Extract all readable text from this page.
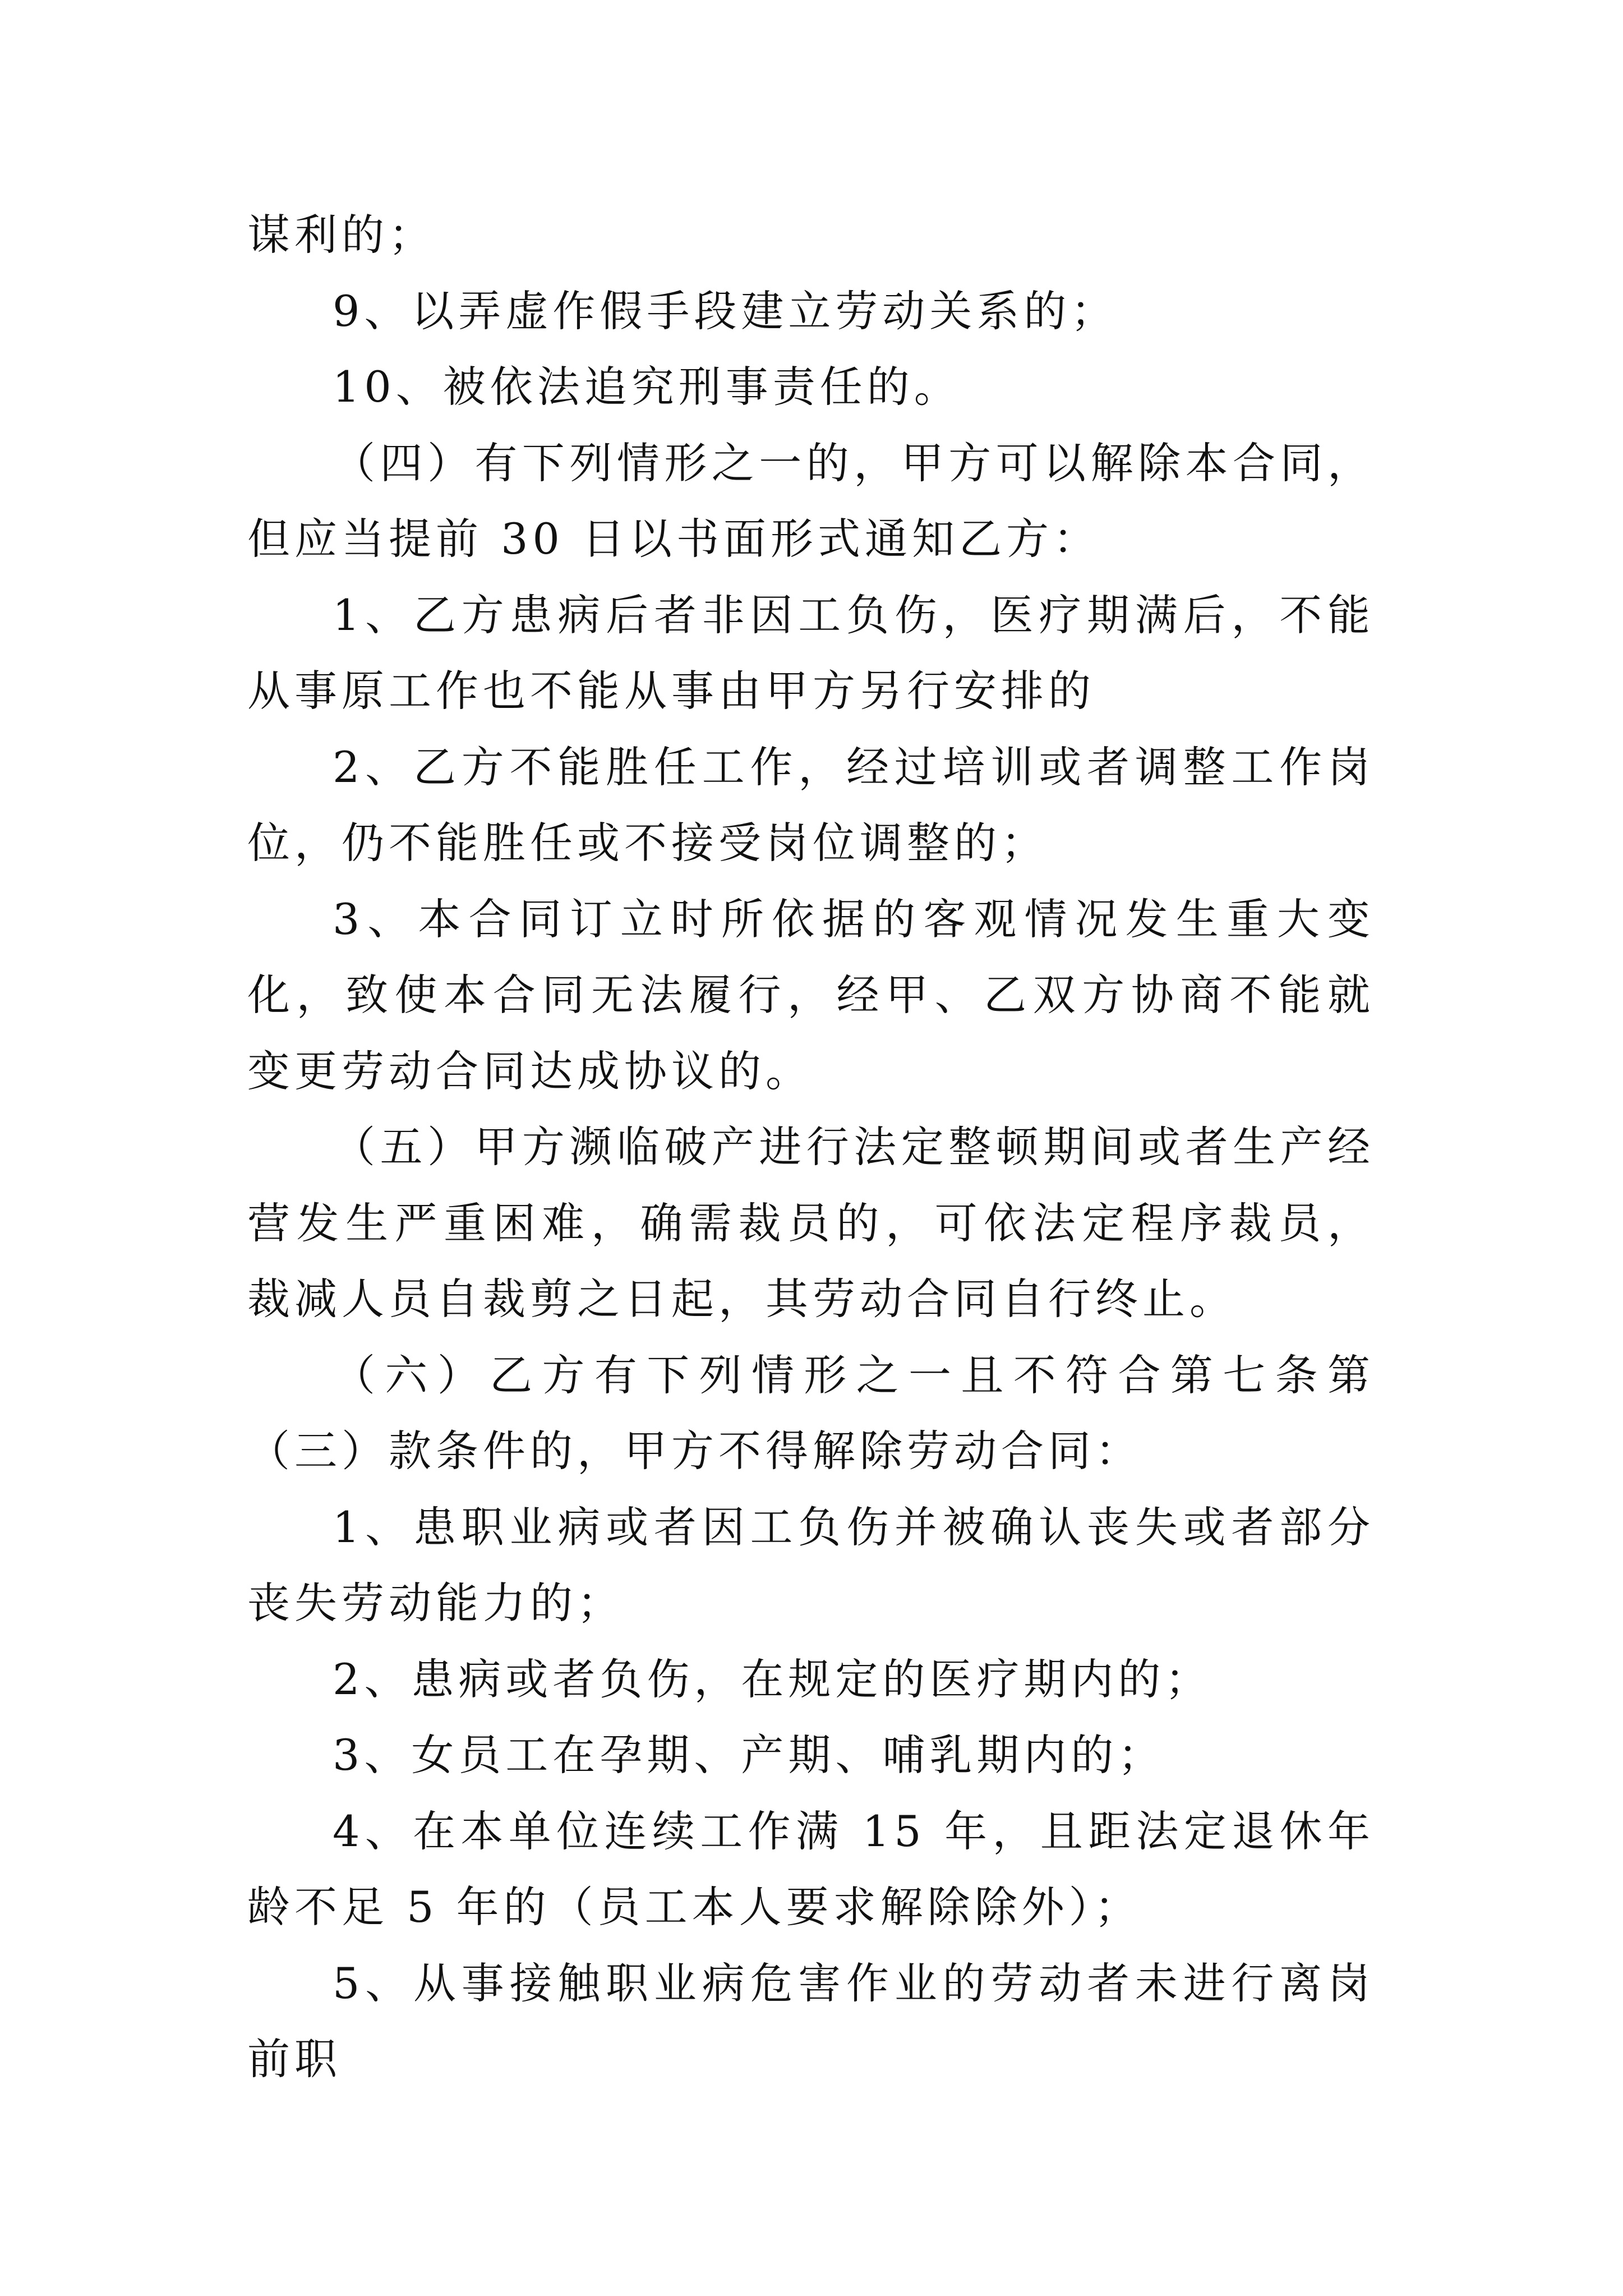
谋利的；

9、以弄虚作假手段建立劳动关系的；

10、被依法追究刑事责任的。

（四）有下列情形之一的，甲方可以解除本合同，但应当提前 30 日以书面形式通知乙方：

1、乙方患病后者非因工负伤，医疗期满后，不能从事原工作也不能从事由甲方另行安排的

2、乙方不能胜任工作，经过培训或者调整工作岗位，仍不能胜任或不接受岗位调整的；

3、本合同订立时所依据的客观情况发生重大变化，致使本合同无法履行，经甲、乙双方协商不能就变更劳动合同达成协议的。

（五）甲方濒临破产进行法定整顿期间或者生产经营发生严重困难，确需裁员的，可依法定程序裁员，裁减人员自裁剪之日起，其劳动合同自行终止。

（六）乙方有下列情形之一且不符合第七条第（三）款条件的，甲方不得解除劳动合同：

1、患职业病或者因工负伤并被确认丧失或者部分丧失劳动能力的；

2、患病或者负伤，在规定的医疗期内的；

3、女员工在孕期、产期、哺乳期内的；

4、在本单位连续工作满 15 年，且距法定退休年龄不足 5 年的（员工本人要求解除除外）；

5、从事接触职业病危害作业的劳动者未进行离岗前职
